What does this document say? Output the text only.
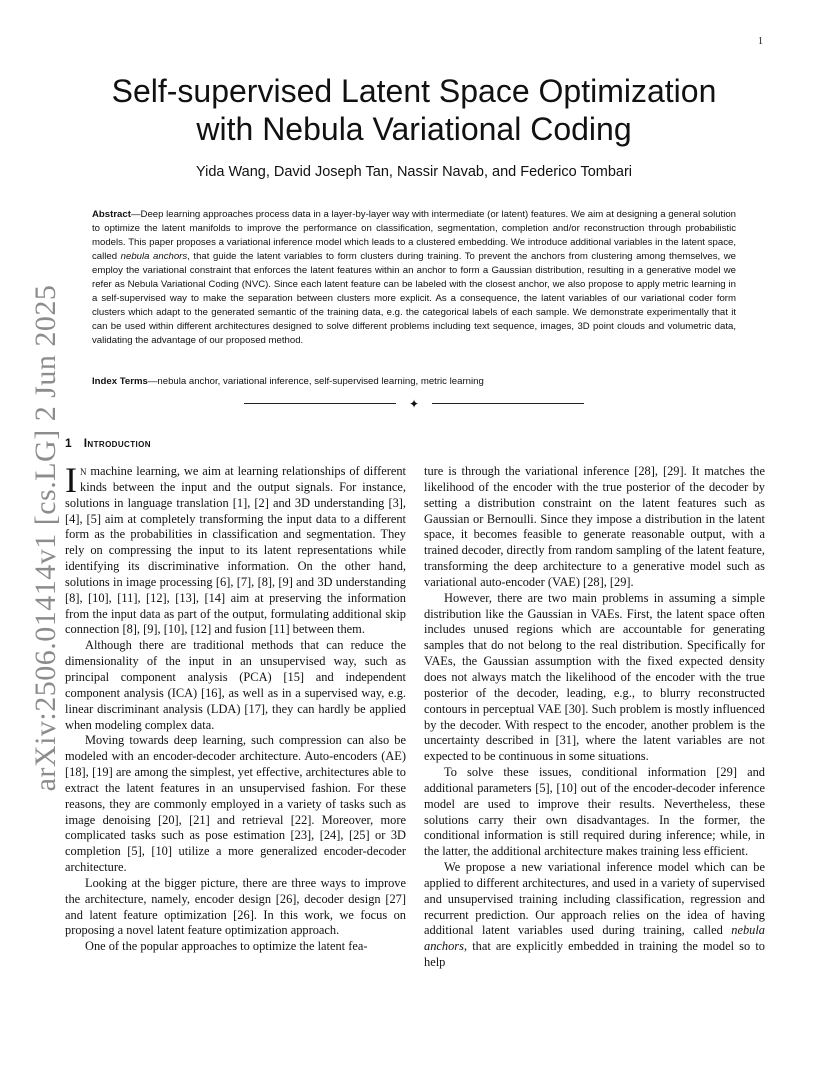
1
arXiv:2506.01414v1 [cs.LG] 2 Jun 2025
Self-supervised Latent Space Optimization
with Nebula Variational Coding
Yida Wang, David Joseph Tan, Nassir Navab, and Federico Tombari

Abstract—Deep learning approaches process data in a layer-by-layer way with intermediate (or latent) features. We aim at designing a general solution to optimize the latent manifolds to improve the performance on classification, segmentation, completion and/or reconstruction through probabilistic models. This paper proposes a variational inference model which leads to a clustered embedding. We introduce additional variables in the latent space, called nebula anchors, that guide the latent variables to form clusters during training. To prevent the anchors from clustering among themselves, we employ the variational constraint that enforces the latent features within an anchor to form a Gaussian distribution, resulting in a generative model we refer as Nebula Variational Coding (NVC). Since each latent feature can be labeled with the closest anchor, we also propose to apply metric learning in a self-supervised way to make the separation between clusters more explicit. As a consequence, the latent variables of our variational coder form clusters which adapt to the generated semantic of the training data, e.g. the categorical labels of each sample. We demonstrate experimentally that it can be used within different architectures designed to solve different problems including text sequence, images, 3D point clouds and volumetric data, validating the advantage of our proposed method.

Index Terms—nebula anchor, variational inference, self-supervised learning, metric learning

✦
1 Introduction

In machine learning, we aim at learning relationships of different kinds between the input and the output signals. For instance, solutions in language translation [1], [2] and 3D understanding [3], [4], [5] aim at completely transforming the input data to a different form as the probabilities in classification and segmentation. They rely on compressing the input to its latent representations while identifying its discriminative information. On the other hand, solutions in image processing [6], [7], [8], [9] and 3D understanding [8], [10], [11], [12], [13], [14] aim at preserving the information from the input data as part of the output, formulating additional skip connection [8], [9], [10], [12] and fusion [11] between them.

Although there are traditional methods that can reduce the dimensionality of the input in an unsupervised way, such as principal component analysis (PCA) [15] and independent component analysis (ICA) [16], as well as in a supervised way, e.g. linear discriminant analysis (LDA) [17], they can hardly be applied when modeling complex data.

Moving towards deep learning, such compression can also be modeled with an encoder-decoder architecture. Auto-encoders (AE) [18], [19] are among the simplest, yet effective, architectures able to extract the latent features in an unsupervised fashion. For these reasons, they are commonly employed in a variety of tasks such as image denoising [20], [21] and retrieval [22]. Moreover, more complicated tasks such as pose estimation [23], [24], [25] or 3D completion [5], [10] utilize a more generalized encoder-decoder architecture.

Looking at the bigger picture, there are three ways to improve the architecture, namely, encoder design [26], decoder design [27] and latent feature optimization [26]. In this work, we focus on proposing a novel latent feature optimization approach.

One of the popular approaches to optimize the latent fea-

ture is through the variational inference [28], [29]. It matches the likelihood of the encoder with the true posterior of the decoder by setting a distribution constraint on the latent features such as Gaussian or Bernoulli. Since they impose a distribution in the latent space, it becomes feasible to generate reasonable output, with a trained decoder, directly from random sampling of the latent feature, transforming the deep architecture to a generative model such as variational auto-encoder (VAE) [28], [29].

However, there are two main problems in assuming a simple distribution like the Gaussian in VAEs. First, the latent space often includes unused regions which are accountable for generating samples that do not belong to the real distribution. Specifically for VAEs, the Gaussian assumption with the fixed expected density does not always match the likelihood of the encoder with the true posterior of the decoder, leading, e.g., to blurry reconstructed contours in perceptual VAE [30]. Such problem is mostly influenced by the decoder. With respect to the encoder, another problem is the uncertainty described in [31], where the latent variables are not expected to be continuous in some situations.

To solve these issues, conditional information [29] and additional parameters [5], [10] out of the encoder-decoder inference model are used to improve their results. Nevertheless, these solutions carry their own disadvantages. In the former, the conditional information is still required during inference; while, in the latter, the additional architecture makes training less efficient.

We propose a new variational inference model which can be applied to different architectures, and used in a variety of supervised and unsupervised training including classification, regression and recurrent prediction. Our approach relies on the idea of having additional latent variables used during training, called nebula anchors, that are explicitly embedded in training the model so to help
